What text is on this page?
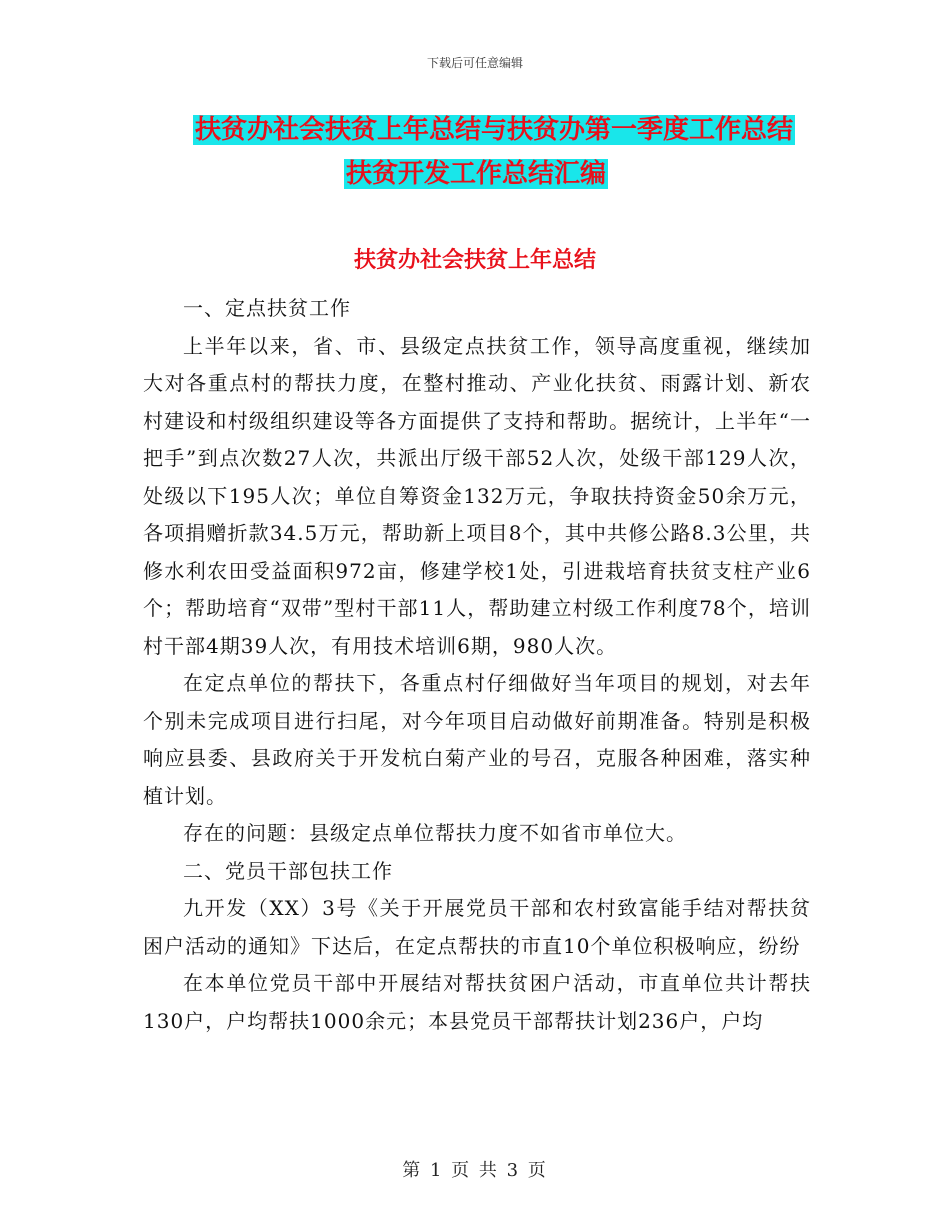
下载后可任意编辑
扶贫办社会扶贫上年总结与扶贫办第一季度工作总结
扶贫开发工作总结汇编
扶贫办社会扶贫上年总结

一、定点扶贫工作

上半年以来，省、市、县级定点扶贫工作，领导高度重视，继续加大对各重点村的帮扶力度，在整村推动、产业化扶贫、雨露计划、新农村建设和村级组织建设等各方面提供了支持和帮助。据统计，上半年“一把手”到点次数27人次，共派出厅级干部52人次，处级干部129人次，处级以下195人次；单位自筹资金132万元，争取扶持资金50余万元，各项捐赠折款34.5万元，帮助新上项目8个，其中共修公路8.3公里，共修水利农田受益面积972亩，修建学校1处，引进栽培育扶贫支柱产业6个；帮助培育“双带”型村干部11人，帮助建立村级工作利度78个，培训村干部4期39人次，有用技术培训6期，980人次。

在定点单位的帮扶下，各重点村仔细做好当年项目的规划，对去年个别未完成项目进行扫尾，对今年项目启动做好前期准备。特别是积极响应县委、县政府关于开发杭白菊产业的号召，克服各种困难，落实种植计划。

存在的问题：县级定点单位帮扶力度不如省市单位大。

二、党员干部包扶工作

九开发（XX）3号《关于开展党员干部和农村致富能手结对帮扶贫困户活动的通知》下达后，在定点帮扶的市直10个单位积极响应，纷纷

在本单位党员干部中开展结对帮扶贫困户活动，市直单位共计帮扶130户，户均帮扶1000余元；本县党员干部帮扶计划236户，户均

第 1 页 共 3 页
